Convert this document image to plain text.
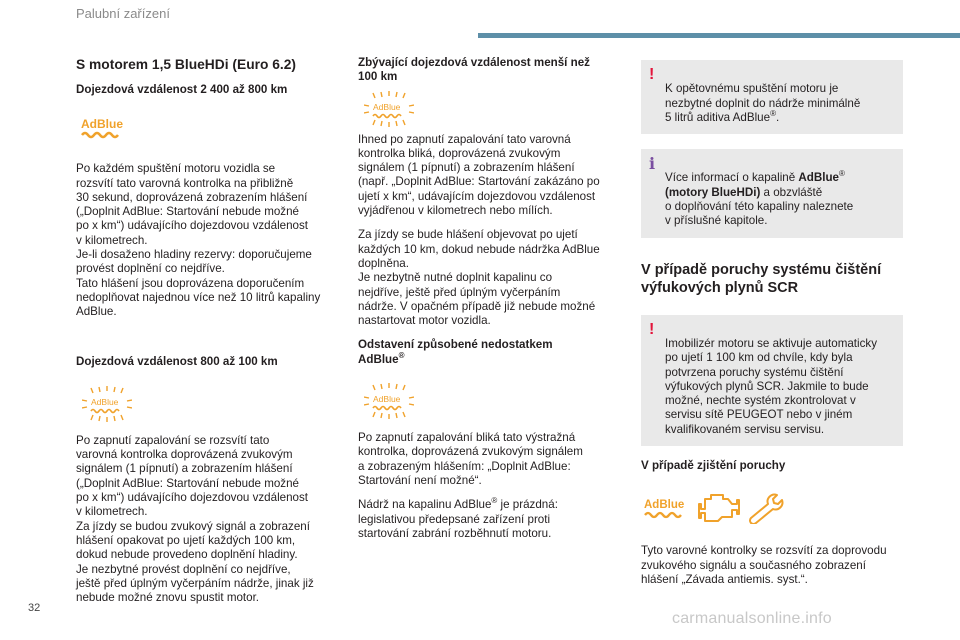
Palubní zařízení
S motorem 1,5 BlueHDi (Euro 6.2)
Dojezdová vzdálenost 2 400 až 800 km
AdBlue
Po každém spuštění motoru vozidla se
rozsvítí tato varovná kontrolka na přibližně
30 sekund, doprovázená zobrazením hlášení
(„Doplnit AdBlue: Startování nebude možné
po x km“) udávajícího dojezdovou vzdálenost
v kilometrech.
Je-li dosaženo hladiny rezervy: doporučujeme
provést doplnění co nejdříve.
Tato hlášení jsou doprovázena doporučením
nedoplňovat najednou více než 10 litrů kapaliny
AdBlue.
Dojezdová vzdálenost 800 až 100 km
AdBlue
Po zapnutí zapalování se rozsvítí tato
varovná kontrolka doprovázená zvukovým
signálem (1 pípnutí) a zobrazením hlášení
(„Doplnit AdBlue: Startování nebude možné
po x km“) udávajícího dojezdovou vzdálenost
v kilometrech.
Za jízdy se budou zvukový signál a zobrazení
hlášení opakovat po ujetí každých 100 km,
dokud nebude provedeno doplnění hladiny.
Je nezbytné provést doplnění co nejdříve,
ještě před úplným vyčerpáním nádrže, jinak již
nebude možné znovu spustit motor.
Zbývající dojezdová vzdálenost menší než
100 km
AdBlue
Ihned po zapnutí zapalování tato varovná
kontrolka bliká, doprovázená zvukovým
signálem (1 pípnutí) a zobrazením hlášení
(např. „Doplnit AdBlue: Startování zakázáno po
ujetí x km“, udávajícím dojezdovou vzdálenost
vyjádřenou v kilometrech nebo mílích.
Za jízdy se bude hlášení objevovat po ujetí
každých 10 km, dokud nebude nádržka AdBlue
doplněna.
Je nezbytně nutné doplnit kapalinu co
nejdříve, ještě před úplným vyčerpáním
nádrže. V opačném případě již nebude možné
nastartovat motor vozidla.
Odstavení způsobené nedostatkem
AdBlue®
AdBlue
Po zapnutí zapalování bliká tato výstražná
kontrolka, doprovázená zvukovým signálem
a zobrazeným hlášením: „Doplnit AdBlue:
Startování není možné“.
Nádrž na kapalinu AdBlue® je prázdná:
legislativou předepsané zařízení proti
startování zabrání rozběhnutí motoru.

!
K opětovnému spuštění motoru je
nezbytné doplnit do nádrže minimálně
5 litrů aditiva AdBlue®.

i
Více informací o kapalině AdBlue®
(motory BlueHDi) a obzvláště
o doplňování této kapaliny naleznete
v příslušné kapitole.

V případě poruchy systému čištění
výfukových plynů SCR

!
Imobilizér motoru se aktivuje automaticky
po ujetí 1 100 km od chvíle, kdy byla
potvrzena poruchy systému čištění
výfukových plynů SCR. Jakmile to bude
možné, nechte systém zkontrolovat v
servisu sítě PEUGEOT nebo v jiném
kvalifikovaném servisu servisu.

V případě zjištění poruchy
AdBlue
Tyto varovné kontrolky se rozsvítí za doprovodu
zvukového signálu a současného zobrazení
hlášení „Závada antiemis. syst.“.
32
carmanualsonline.info
